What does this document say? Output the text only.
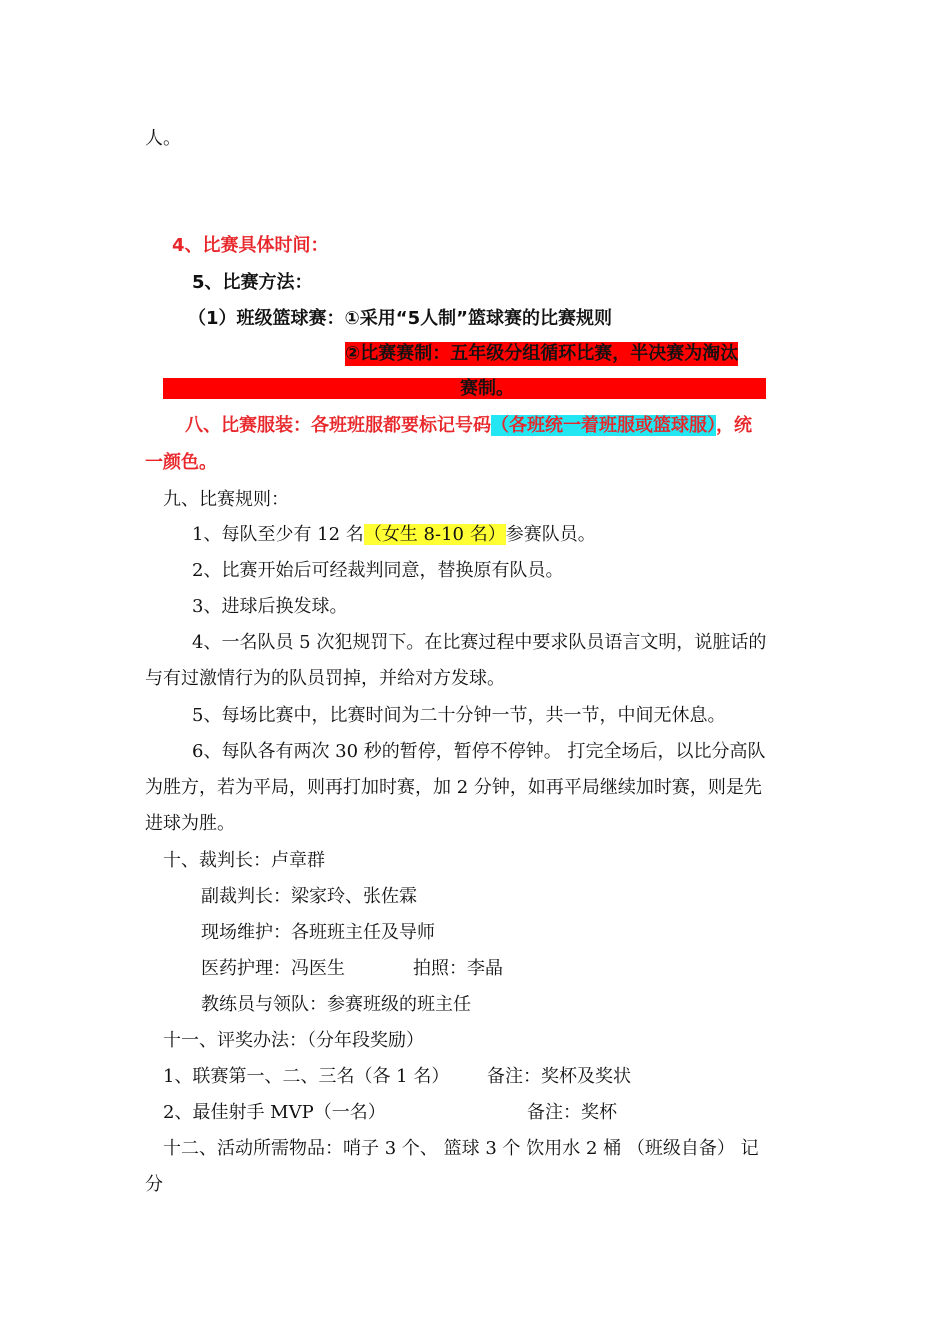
人。
4、比赛具体时间：
5、比赛方法：
（1）班级篮球赛：①采用“5人制”篮球赛的比赛规则
②比赛赛制：五年级分组循环比赛，半决赛为淘汰
赛制。
八、比赛服装：各班班服都要标记号码（各班统一着班服或篮球服），统
一颜色。
九、比赛规则：
1、每队至少有 12 名（女生 8-10 名）参赛队员。
2、比赛开始后可经裁判同意，替换原有队员。
3、进球后换发球。
4、一名队员 5 次犯规罚下。在比赛过程中要求队员语言文明，说脏话的
与有过激情行为的队员罚掉，并给对方发球。
5、每场比赛中，比赛时间为二十分钟一节，共一节，中间无休息。
6、每队各有两次 30 秒的暂停，暂停不停钟。 打完全场后，以比分高队
为胜方，若为平局，则再打加时赛，加 2 分钟，如再平局继续加时赛，则是先
进球为胜。
十、裁判长：卢章群
副裁判长：梁家玲、张佐霖
现场维护：各班班主任及导师
医药护理：冯医生	拍照：李晶
教练员与领队：参赛班级的班主任
十一、评奖办法：（分年段奖励）
1、联赛第一、二、三名（各 1 名） 备注：奖杯及奖状
2、最佳射手 MVP（一名）	备注：奖杯
十二、活动所需物品：哨子 3 个、 篮球 3 个 饮用水 2 桶 （班级自备） 记
分
